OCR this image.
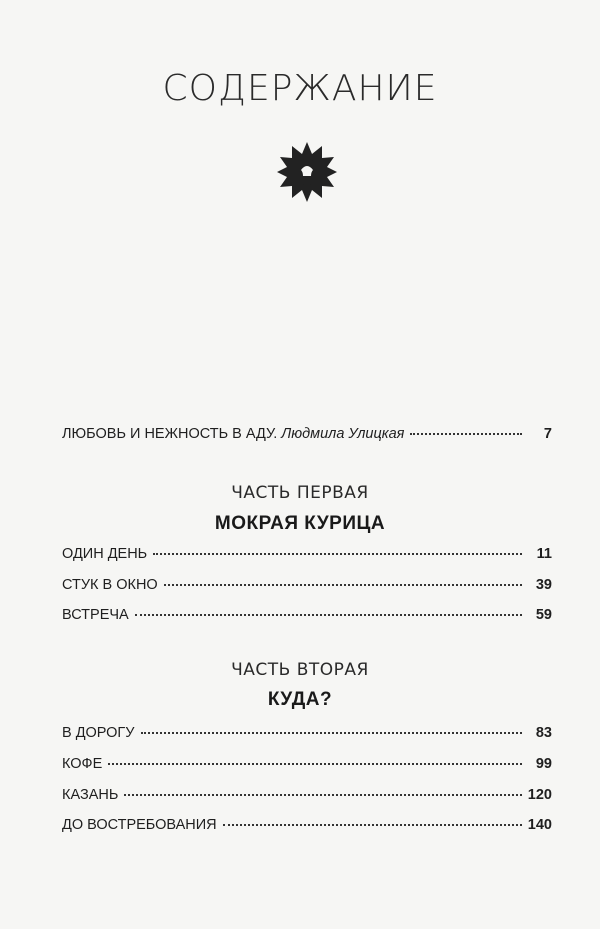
СОДЕРЖАНИЕ
ЛЮБОВЬ И НЕЖНОСТЬ В АДУ. Людмила Улицкая	7
ЧАСТЬ ПЕРВАЯ
МОКРАЯ КУРИЦА
ОДИН ДЕНЬ	11
СТУК В ОКНО	39
ВСТРЕЧА	59
ЧАСТЬ ВТОРАЯ
КУДА?
В ДОРОГУ	83
КОФЕ	99
КАЗАНЬ	120
ДО ВОСТРЕБОВАНИЯ	140
